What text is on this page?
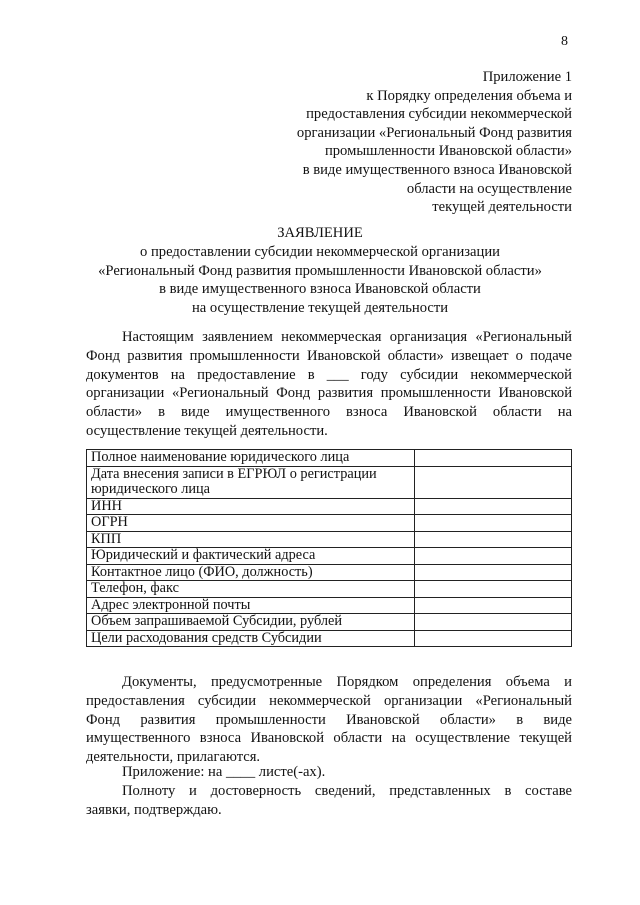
8
Приложение 1
к Порядку определения объема и
предоставления субсидии некоммерческой
организации «Региональный Фонд развития
промышленности Ивановской области»
в виде имущественного взноса Ивановской
области на осуществление
текущей деятельности
ЗАЯВЛЕНИЕ
о предоставлении субсидии некоммерческой организации
«Региональный Фонд развития промышленности Ивановской области»
в виде имущественного взноса Ивановской области
на осуществление текущей деятельности

Настоящим заявлением некоммерческая организация «Региональный
Фонд развития промышленности Ивановской области» извещает о подаче
документов на предоставление в ___ году субсидии некоммерческой
организации «Региональный Фонд развития промышленности Ивановской
области» в виде имущественного взноса Ивановской области на
осуществление текущей деятельности.

Полное наименование юридического лица	
Дата внесения записи в ЕГРЮЛ о регистрации юридического лица	
ИНН	
ОГРН	
КПП	
Юридический и фактический адреса	
Контактное лицо (ФИО, должность)	
Телефон, факс	
Адрес электронной почты	
Объем запрашиваемой Субсидии, рублей	
Цели расходования средств Субсидии	

Документы, предусмотренные Порядком определения объема и
предоставления субсидии некоммерческой организации «Региональный
Фонд развития промышленности Ивановской области» в виде
имущественного взноса Ивановской области на осуществление текущей
деятельности, прилагаются.

Приложение: на ____ листе(-ах).

Полноту и достоверность сведений, представленных в составе
заявки, подтверждаю.
